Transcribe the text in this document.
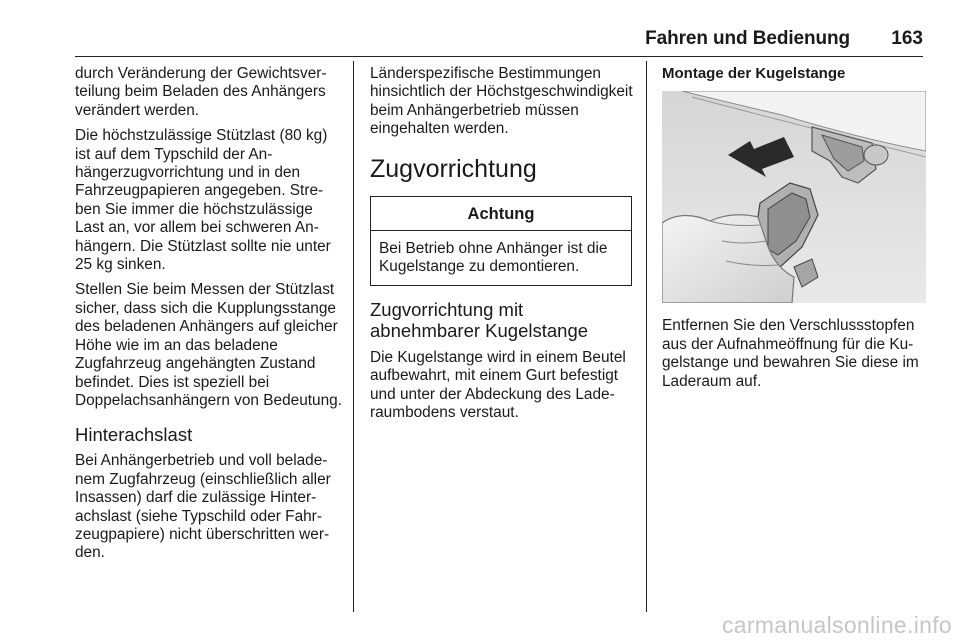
Fahren und Bedienung 163

durch Veränderung der Gewichtsverteilung beim Beladen des Anhängers verändert werden.

Die höchstzulässige Stützlast (80 kg) ist auf dem Typschild der Anhängerzugvorrichtung und in den Fahrzeugpapieren angegeben. Streben Sie immer die höchstzulässige Last an, vor allem bei schweren Anhängern. Die Stützlast sollte nie unter 25 kg sinken.

Stellen Sie beim Messen der Stützlast sicher, dass sich die Kupplungsstange des beladenen Anhängers auf gleicher Höhe wie im an das beladene Zugfahrzeug angehängten Zustand befindet. Dies ist speziell bei Doppelachsanhängern von Bedeutung.

Hinterachslast

Bei Anhängerbetrieb und voll beladenem Zugfahrzeug (einschließlich aller Insassen) darf die zulässige Hinterachslast (siehe Typschild oder Fahrzeugpapiere) nicht überschritten werden.

Länderspezifische Bestimmungen hinsichtlich der Höchstgeschwindigkeit beim Anhängerbetrieb müssen eingehalten werden.

Zugvorrichtung
Achtung

Bei Betrieb ohne Anhänger ist die Kugelstange zu demontieren.

Zugvorrichtung mit abnehmbarer Kugelstange

Die Kugelstange wird in einem Beutel aufbewahrt, mit einem Gurt befestigt und unter der Abdeckung des Laderaumbodens verstaut.

Montage der Kugelstange

Entfernen Sie den Verschlussstopfen aus der Aufnahmeöffnung für die Kugelstange und bewahren Sie diese im Laderaum auf.

carmanualsonline.info
